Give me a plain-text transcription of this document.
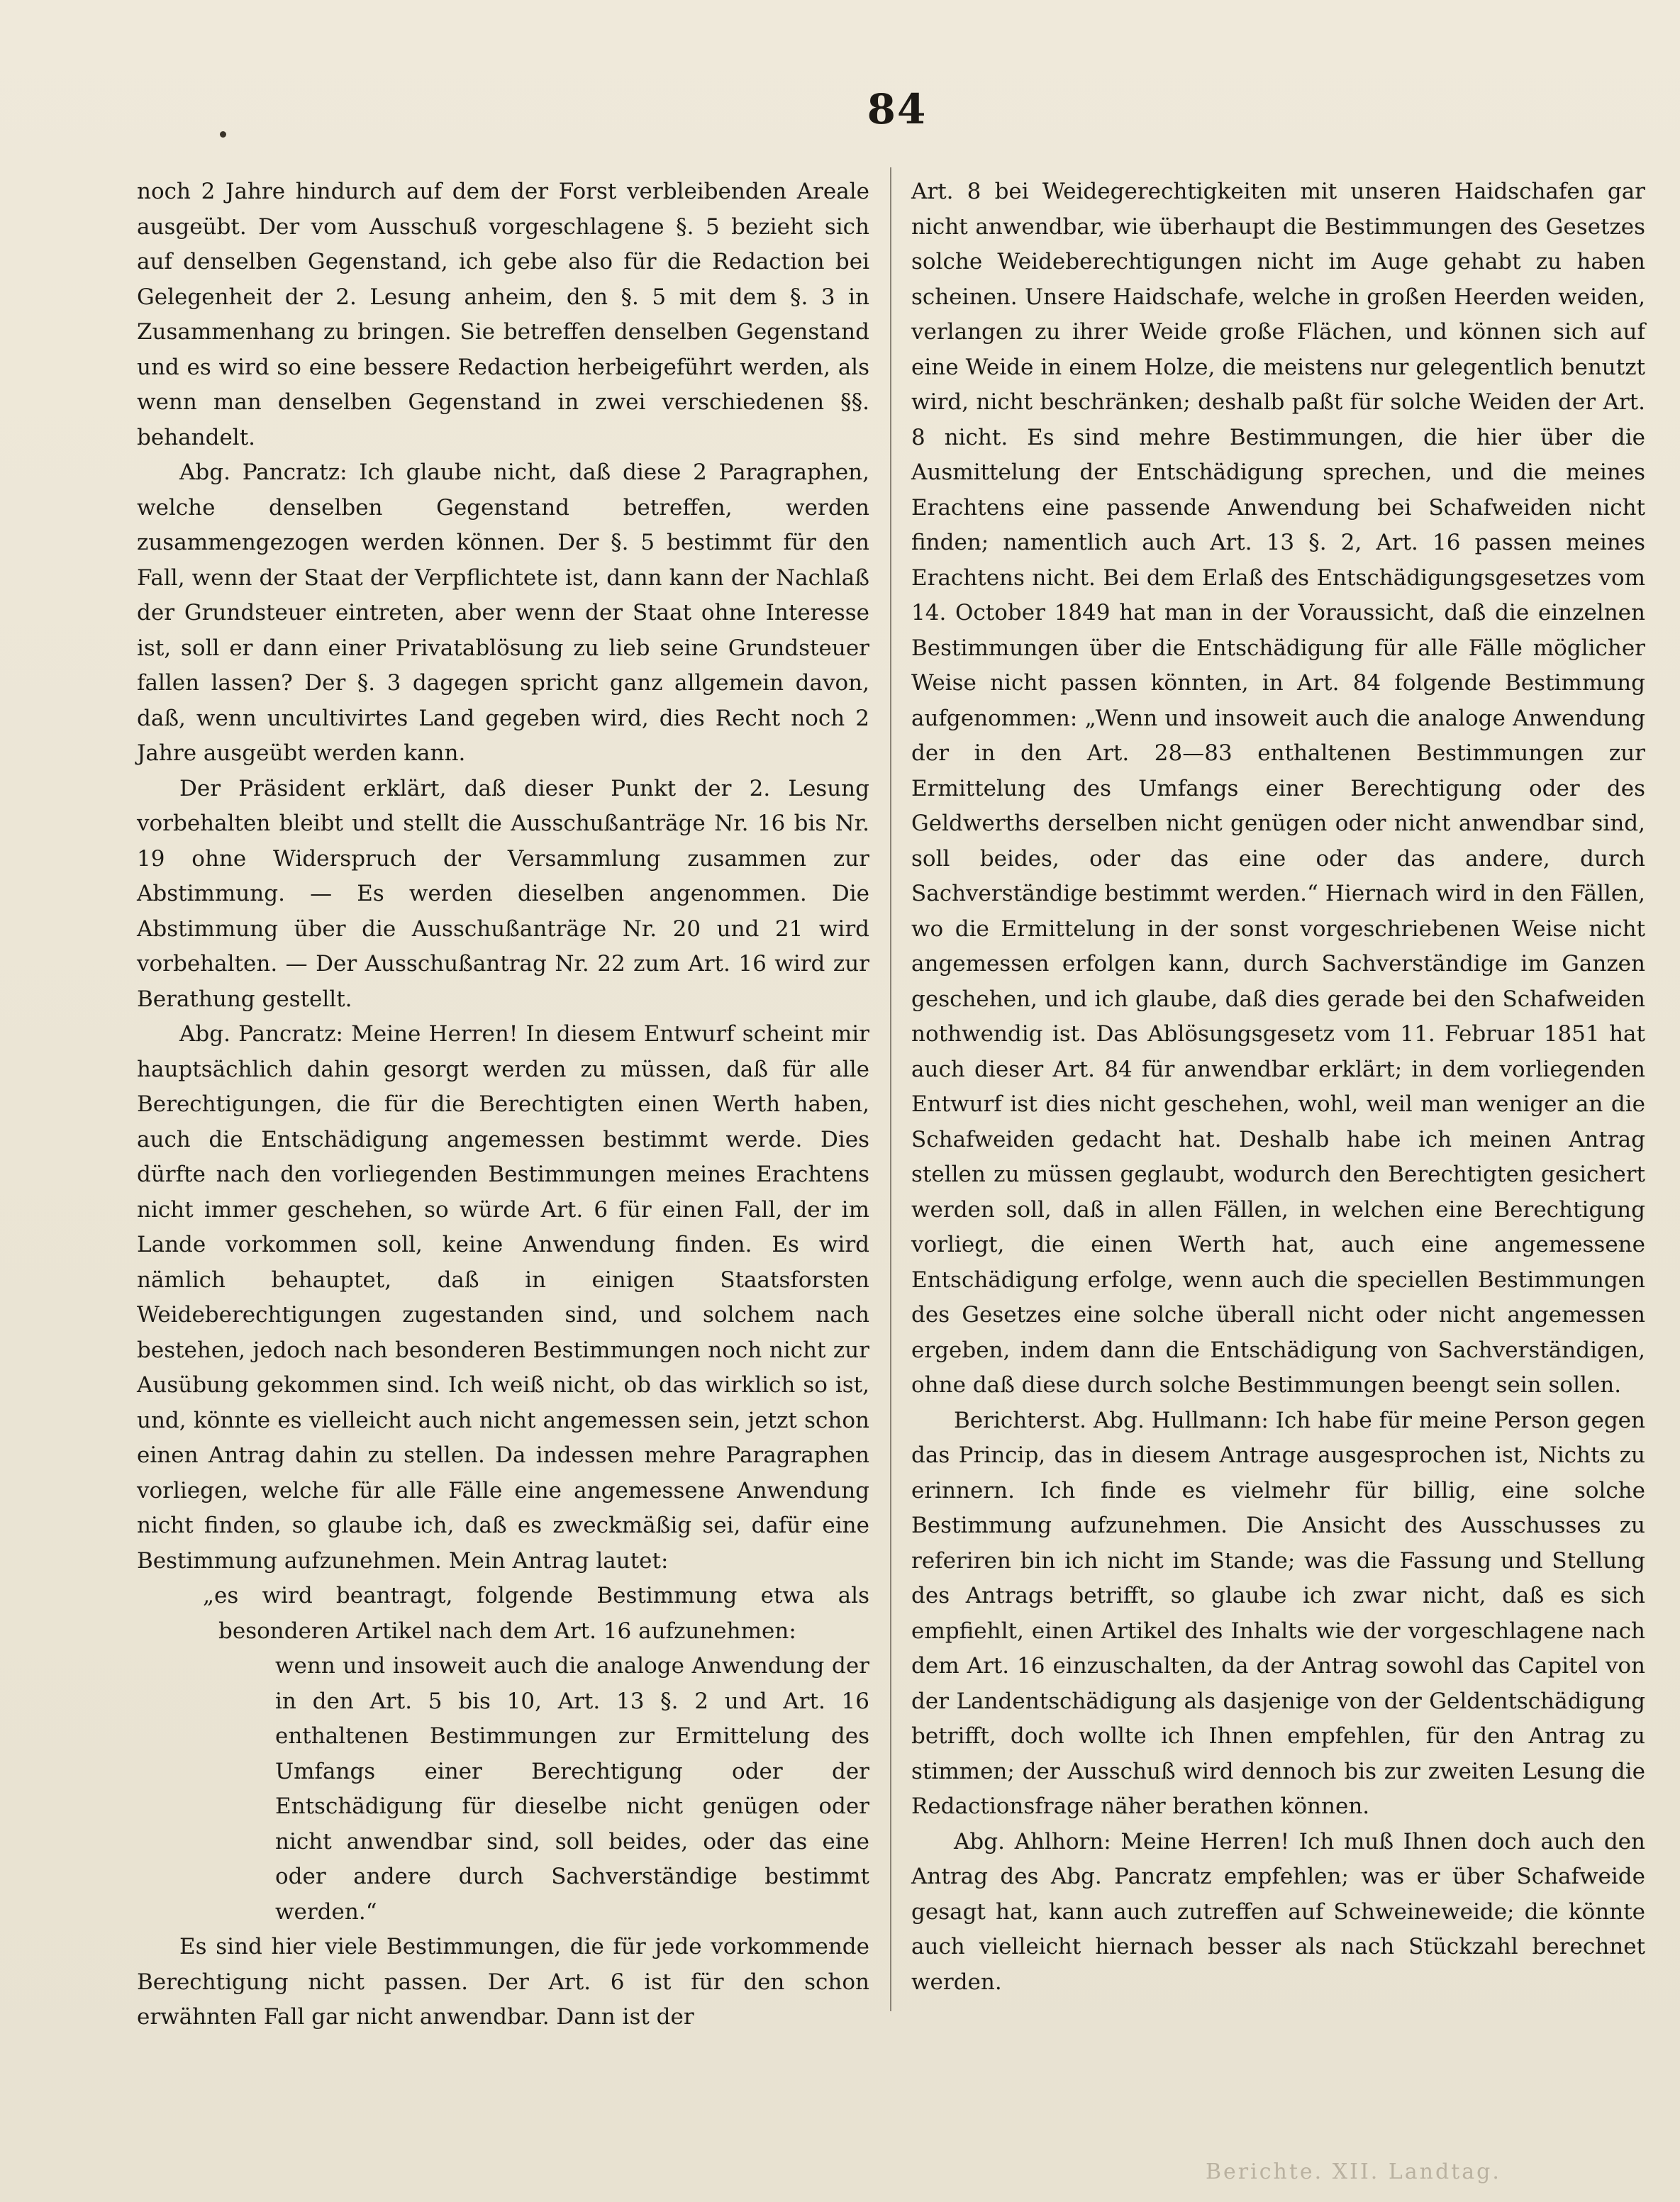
84

noch 2 Jahre hindurch auf dem der Forst verbleibenden Areale ausgeübt. Der vom Ausschuß vorgeschlagene §. 5 bezieht sich auf denselben Gegenstand, ich gebe also für die Redaction bei Gelegenheit der 2. Lesung anheim, den §. 5 mit dem §. 3 in Zusammenhang zu bringen. Sie betreffen denselben Gegenstand und es wird so eine bessere Redaction herbeigeführt werden, als wenn man denselben Gegenstand in zwei verschiedenen §§. behandelt.

Abg. Pancratz: Ich glaube nicht, daß diese 2 Paragraphen, welche denselben Gegenstand betreffen, werden zusammengezogen werden können. Der §. 5 bestimmt für den Fall, wenn der Staat der Verpflichtete ist, dann kann der Nachlaß der Grundsteuer eintreten, aber wenn der Staat ohne Interesse ist, soll er dann einer Privatablösung zu lieb seine Grundsteuer fallen lassen? Der §. 3 dagegen spricht ganz allgemein davon, daß, wenn uncultivirtes Land gegeben wird, dies Recht noch 2 Jahre ausgeübt werden kann.

Der Präsident erklärt, daß dieser Punkt der 2. Lesung vorbehalten bleibt und stellt die Ausschußanträge Nr. 16 bis Nr. 19 ohne Widerspruch der Versammlung zusammen zur Abstimmung. — Es werden dieselben angenommen. Die Abstimmung über die Ausschußanträge Nr. 20 und 21 wird vorbehalten. — Der Ausschußantrag Nr. 22 zum Art. 16 wird zur Berathung gestellt.

Abg. Pancratz: Meine Herren! In diesem Entwurf scheint mir hauptsächlich dahin gesorgt werden zu müssen, daß für alle Berechtigungen, die für die Berechtigten einen Werth haben, auch die Entschädigung angemessen bestimmt werde. Dies dürfte nach den vorliegenden Bestimmungen meines Erachtens nicht immer geschehen, so würde Art. 6 für einen Fall, der im Lande vorkommen soll, keine Anwendung finden. Es wird nämlich behauptet, daß in einigen Staatsforsten Weideberechtigungen zugestanden sind, und solchem nach bestehen, jedoch nach besonderen Bestimmungen noch nicht zur Ausübung gekommen sind. Ich weiß nicht, ob das wirklich so ist, und, könnte es vielleicht auch nicht angemessen sein, jetzt schon einen Antrag dahin zu stellen. Da indessen mehre Paragraphen vorliegen, welche für alle Fälle eine angemessene Anwendung nicht finden, so glaube ich, daß es zweckmäßig sei, dafür eine Bestimmung aufzunehmen. Mein Antrag lautet:

„es wird beantragt, folgende Bestimmung etwa als besonderen Artikel nach dem Art. 16 aufzunehmen:

wenn und insoweit auch die analoge Anwendung der in den Art. 5 bis 10, Art. 13 §. 2 und Art. 16 enthaltenen Bestimmungen zur Ermittelung des Umfangs einer Berechtigung oder der Entschädigung für dieselbe nicht genügen oder nicht anwendbar sind, soll beides, oder das eine oder andere durch Sachverständige bestimmt werden.“

Es sind hier viele Bestimmungen, die für jede vorkommende Berechtigung nicht passen. Der Art. 6 ist für den schon erwähnten Fall gar nicht anwendbar. Dann ist der

Art. 8 bei Weidegerechtigkeiten mit unseren Haidschafen gar nicht anwendbar, wie überhaupt die Bestimmungen des Gesetzes solche Weideberechtigungen nicht im Auge gehabt zu haben scheinen. Unsere Haidschafe, welche in großen Heerden weiden, verlangen zu ihrer Weide große Flächen, und können sich auf eine Weide in einem Holze, die meistens nur gelegentlich benutzt wird, nicht beschränken; deshalb paßt für solche Weiden der Art. 8 nicht. Es sind mehre Bestimmungen, die hier über die Ausmittelung der Entschädigung sprechen, und die meines Erachtens eine passende Anwendung bei Schafweiden nicht finden; namentlich auch Art. 13 §. 2, Art. 16 passen meines Erachtens nicht. Bei dem Erlaß des Entschädigungsgesetzes vom 14. October 1849 hat man in der Voraussicht, daß die einzelnen Bestimmungen über die Entschädigung für alle Fälle möglicher Weise nicht passen könnten, in Art. 84 folgende Bestimmung aufgenommen: „Wenn und insoweit auch die analoge Anwendung der in den Art. 28—83 enthaltenen Bestimmungen zur Ermittelung des Umfangs einer Berechtigung oder des Geldwerths derselben nicht genügen oder nicht anwendbar sind, soll beides, oder das eine oder das andere, durch Sachverständige bestimmt werden.“ Hiernach wird in den Fällen, wo die Ermittelung in der sonst vorgeschriebenen Weise nicht angemessen erfolgen kann, durch Sachverständige im Ganzen geschehen, und ich glaube, daß dies gerade bei den Schafweiden nothwendig ist. Das Ablösungsgesetz vom 11. Februar 1851 hat auch dieser Art. 84 für anwendbar erklärt; in dem vorliegenden Entwurf ist dies nicht geschehen, wohl, weil man weniger an die Schafweiden gedacht hat. Deshalb habe ich meinen Antrag stellen zu müssen geglaubt, wodurch den Berechtigten gesichert werden soll, daß in allen Fällen, in welchen eine Berechtigung vorliegt, die einen Werth hat, auch eine angemessene Entschädigung erfolge, wenn auch die speciellen Bestimmungen des Gesetzes eine solche überall nicht oder nicht angemessen ergeben, indem dann die Entschädigung von Sachverständigen, ohne daß diese durch solche Bestimmungen beengt sein sollen.

Berichterst. Abg. Hullmann: Ich habe für meine Person gegen das Princip, das in diesem Antrage ausgesprochen ist, Nichts zu erinnern. Ich finde es vielmehr für billig, eine solche Bestimmung aufzunehmen. Die Ansicht des Ausschusses zu referiren bin ich nicht im Stande; was die Fassung und Stellung des Antrags betrifft, so glaube ich zwar nicht, daß es sich empfiehlt, einen Artikel des Inhalts wie der vorgeschlagene nach dem Art. 16 einzuschalten, da der Antrag sowohl das Capitel von der Landentschädigung als dasjenige von der Geldentschädigung betrifft, doch wollte ich Ihnen empfehlen, für den Antrag zu stimmen; der Ausschuß wird dennoch bis zur zweiten Lesung die Redactionsfrage näher berathen können.

Abg. Ahlhorn: Meine Herren! Ich muß Ihnen doch auch den Antrag des Abg. Pancratz empfehlen; was er über Schafweide gesagt hat, kann auch zutreffen auf Schweineweide; die könnte auch vielleicht hiernach besser als nach Stückzahl berechnet werden.

Berichte. XII. Landtag.
